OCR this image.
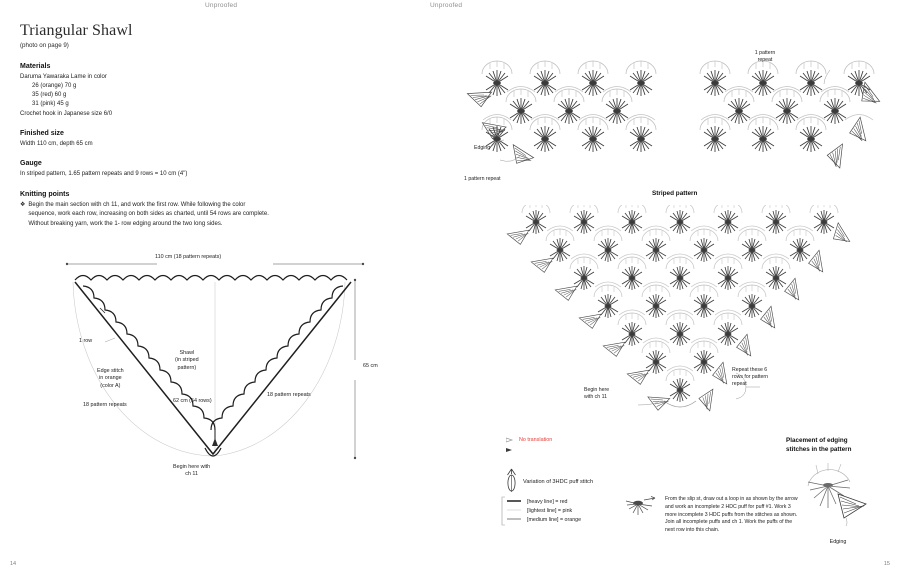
Unproofed	Unproofed
14	15
Triangular Shawl
(photo on page 9)
Materials
Daruma Yawaraka Lame in color

26 (orange) 70 g
35 (red) 60 g
31 (pink) 45 g
Crochet hook in Japanese size 6/0
Finished size
Width 110 cm, depth 65 cm
Gauge
In striped pattern, 1.65 pattern repeats and 9 rows = 10 cm (4")
Knitting points
❖ Begin the main section with ch 11, and work the first row. While following the color sequence, work each row, increasing on both sides as charted, until 54 rows are complete. Without breaking yarn, work the 1- row edging around the two long sides.
110 cm (18 pattern repeats)
65 cm
Shawl
(in striped
pattern)
62 cm (54 rows)
1 row
Edge stitch
in orange
(color A)
18 pattern repeats
18 pattern repeats
Begin here with
ch 11
Edging
1 pattern repeat
1 pattern
repeat
Striped pattern
Begin here
with ch 11
Repeat these 6
rows for pattern
repeat
No translation
Variation of 3HDC puff stitch
[heavy line] = red
[lightest line] = pink
[medium line] = orange
From the slip st, draw out a loop in as shown by the arrow and work an incomplete 2 HDC puff for puff #1. Work 3 more incomplete 3 HDC puffs from the stitches as shown. Join all incomplete puffs and ch 1. Work the puffs of the next row into this chain.
Placement of edging
stitches in the pattern
Edging
